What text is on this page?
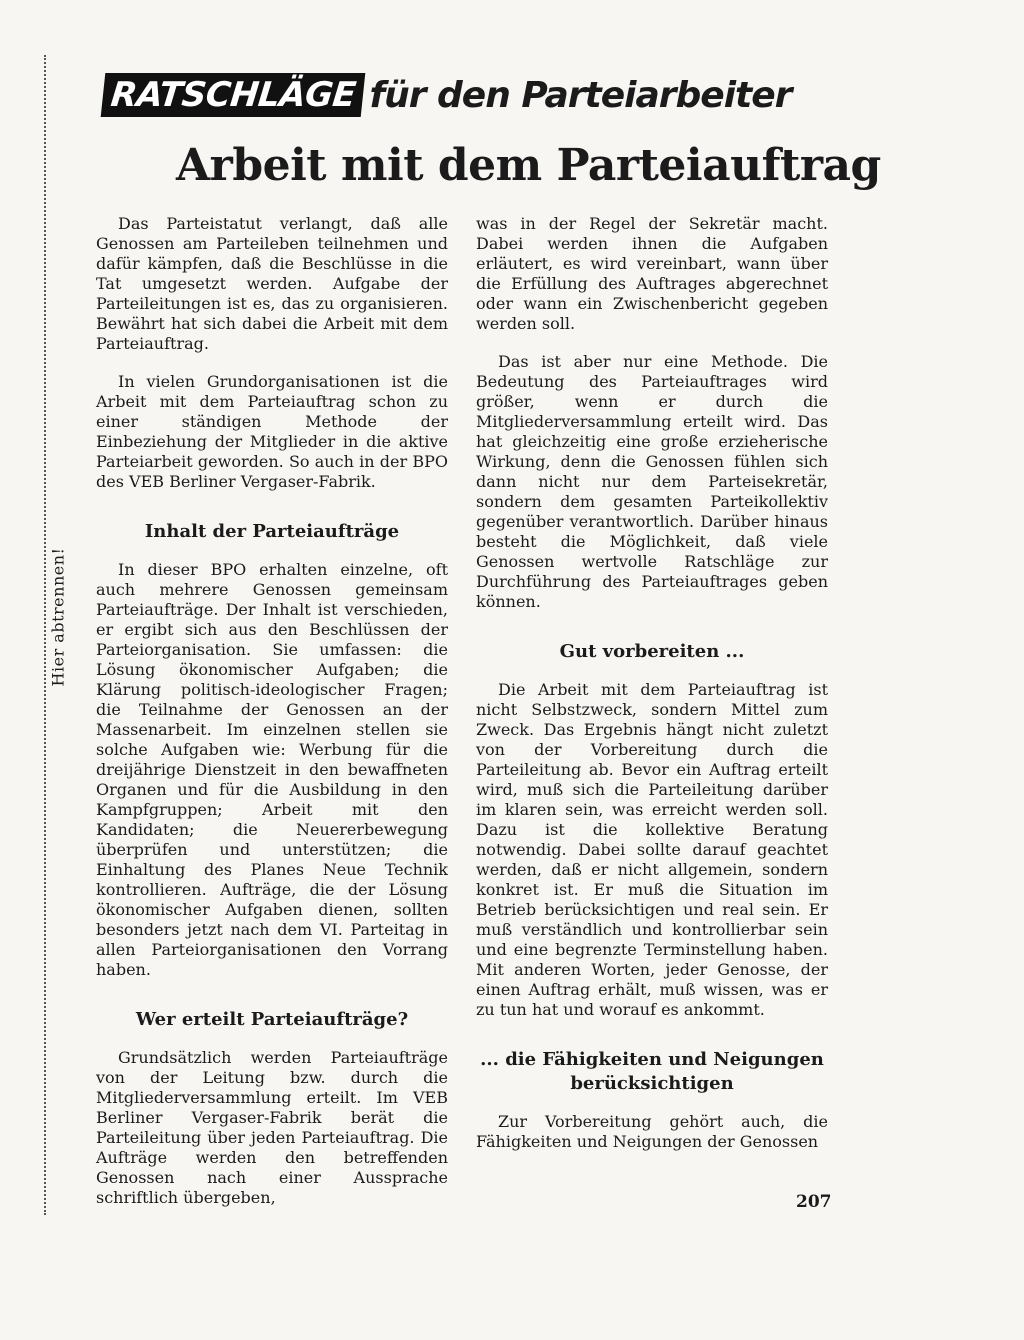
Hier abtrennen!
RATSCHLÄGE für den Parteiarbeiter
Arbeit mit dem Parteiauftrag

Das Parteistatut verlangt, daß alle Genossen am Parteileben teilnehmen und dafür kämpfen, daß die Beschlüsse in die Tat umgesetzt werden. Aufgabe der Parteileitungen ist es, das zu organisieren. Bewährt hat sich dabei die Arbeit mit dem Parteiauftrag.

In vielen Grundorganisationen ist die Arbeit mit dem Parteiauftrag schon zu einer ständigen Methode der Einbeziehung der Mitglieder in die aktive Parteiarbeit geworden. So auch in der BPO des VEB Berliner Vergaser-Fabrik.

Inhalt der Parteiaufträge

In dieser BPO erhalten einzelne, oft auch mehrere Genossen gemeinsam Parteiaufträge. Der Inhalt ist verschieden, er ergibt sich aus den Beschlüssen der Parteiorganisation. Sie umfassen: die Lösung ökonomischer Aufgaben; die Klärung politisch-ideologischer Fragen; die Teilnahme der Genossen an der Massenarbeit. Im einzelnen stellen sie solche Aufgaben wie: Werbung für die dreijährige Dienstzeit in den bewaffneten Organen und für die Ausbildung in den Kampfgruppen; Arbeit mit den Kandidaten; die Neuererbewegung überprüfen und unterstützen; die Einhaltung des Planes Neue Technik kontrollieren. Aufträge, die der Lösung ökonomischer Aufgaben dienen, sollten besonders jetzt nach dem VI. Parteitag in allen Parteiorganisationen den Vorrang haben.

Wer erteilt Parteiaufträge?

Grundsätzlich werden Parteiaufträge von der Leitung bzw. durch die Mitgliederversammlung erteilt. Im VEB Berliner Vergaser-Fabrik berät die Parteileitung über jeden Parteiauftrag. Die Aufträge werden den betreffenden Genossen nach einer Aussprache schriftlich übergeben,

was in der Regel der Sekretär macht. Dabei werden ihnen die Aufgaben erläutert, es wird vereinbart, wann über die Erfüllung des Auftrages abgerechnet oder wann ein Zwischenbericht gegeben werden soll.

Das ist aber nur eine Methode. Die Bedeutung des Parteiauftrages wird größer, wenn er durch die Mitgliederversammlung erteilt wird. Das hat gleichzeitig eine große erzieherische Wirkung, denn die Genossen fühlen sich dann nicht nur dem Parteisekretär, sondern dem gesamten Parteikollektiv gegenüber verantwortlich. Darüber hinaus besteht die Möglichkeit, daß viele Genossen wertvolle Ratschläge zur Durchführung des Parteiauftrages geben können.

Gut vorbereiten ...

Die Arbeit mit dem Parteiauftrag ist nicht Selbstzweck, sondern Mittel zum Zweck. Das Ergebnis hängt nicht zuletzt von der Vorbereitung durch die Parteileitung ab. Bevor ein Auftrag erteilt wird, muß sich die Parteileitung darüber im klaren sein, was erreicht werden soll. Dazu ist die kollektive Beratung notwendig. Dabei sollte darauf geachtet werden, daß er nicht allgemein, sondern konkret ist. Er muß die Situation im Betrieb berücksichtigen und real sein. Er muß verständlich und kontrollierbar sein und eine begrenzte Terminstellung haben. Mit anderen Worten, jeder Genosse, der einen Auftrag erhält, muß wissen, was er zu tun hat und worauf es ankommt.

... die Fähigkeiten und Neigungen berücksichtigen

Zur Vorbereitung gehört auch, die Fähigkeiten und Neigungen der Genossen

207
